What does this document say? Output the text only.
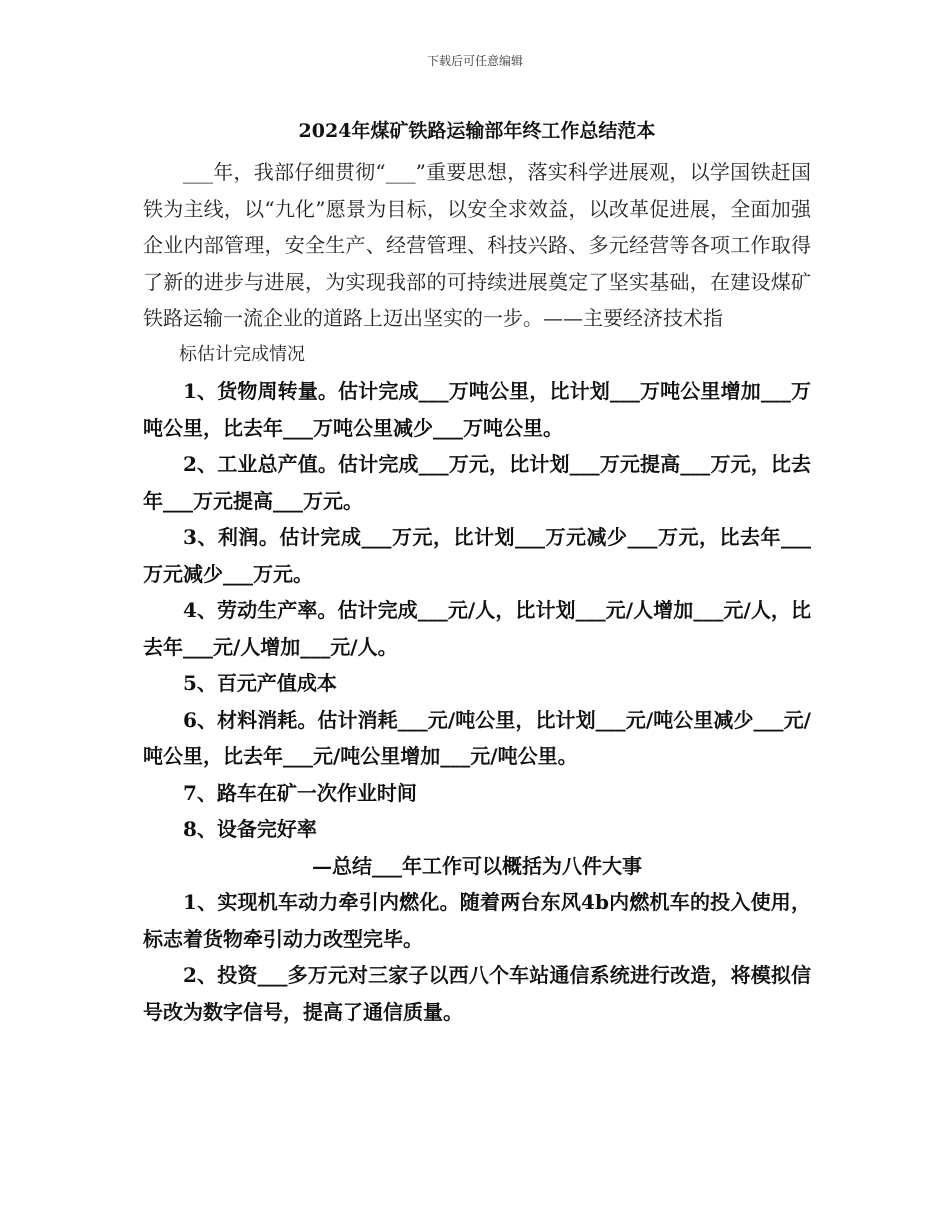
下载后可任意编辑
2024年煤矿铁路运输部年终工作总结范本

___年，我部仔细贯彻“___”重要思想，落实科学进展观，以学国铁赶国铁为主线，以“九化”愿景为目标，以安全求效益，以改革促进展，全面加强企业内部管理，安全生产、经营管理、科技兴路、多元经营等各项工作取得了新的进步与进展，为实现我部的可持续进展奠定了坚实基础，在建设煤矿铁路运输一流企业的道路上迈出坚实的一步。——主要经济技术指

标估计完成情况

1、货物周转量。估计完成___万吨公里，比计划___万吨公里增加___万吨公里，比去年___万吨公里减少___万吨公里。

2、工业总产值。估计完成___万元，比计划___万元提高___万元，比去年___万元提高___万元。

3、利润。估计完成___万元，比计划___万元减少___万元，比去年___万元减少___万元。

4、劳动生产率。估计完成___元/人，比计划___元/人增加___元/人，比去年___元/人增加___元/人。

5、百元产值成本

6、材料消耗。估计消耗___元/吨公里，比计划___元/吨公里减少___元/吨公里，比去年___元/吨公里增加___元/吨公里。

7、路车在矿一次作业时间

8、设备完好率

—总结___年工作可以概括为八件大事

1、实现机车动力牵引内燃化。随着两台东风4b内燃机车的投入使用，标志着货物牵引动力改型完毕。

2、投资___多万元对三家子以西八个车站通信系统进行改造，将模拟信号改为数字信号，提高了通信质量。
